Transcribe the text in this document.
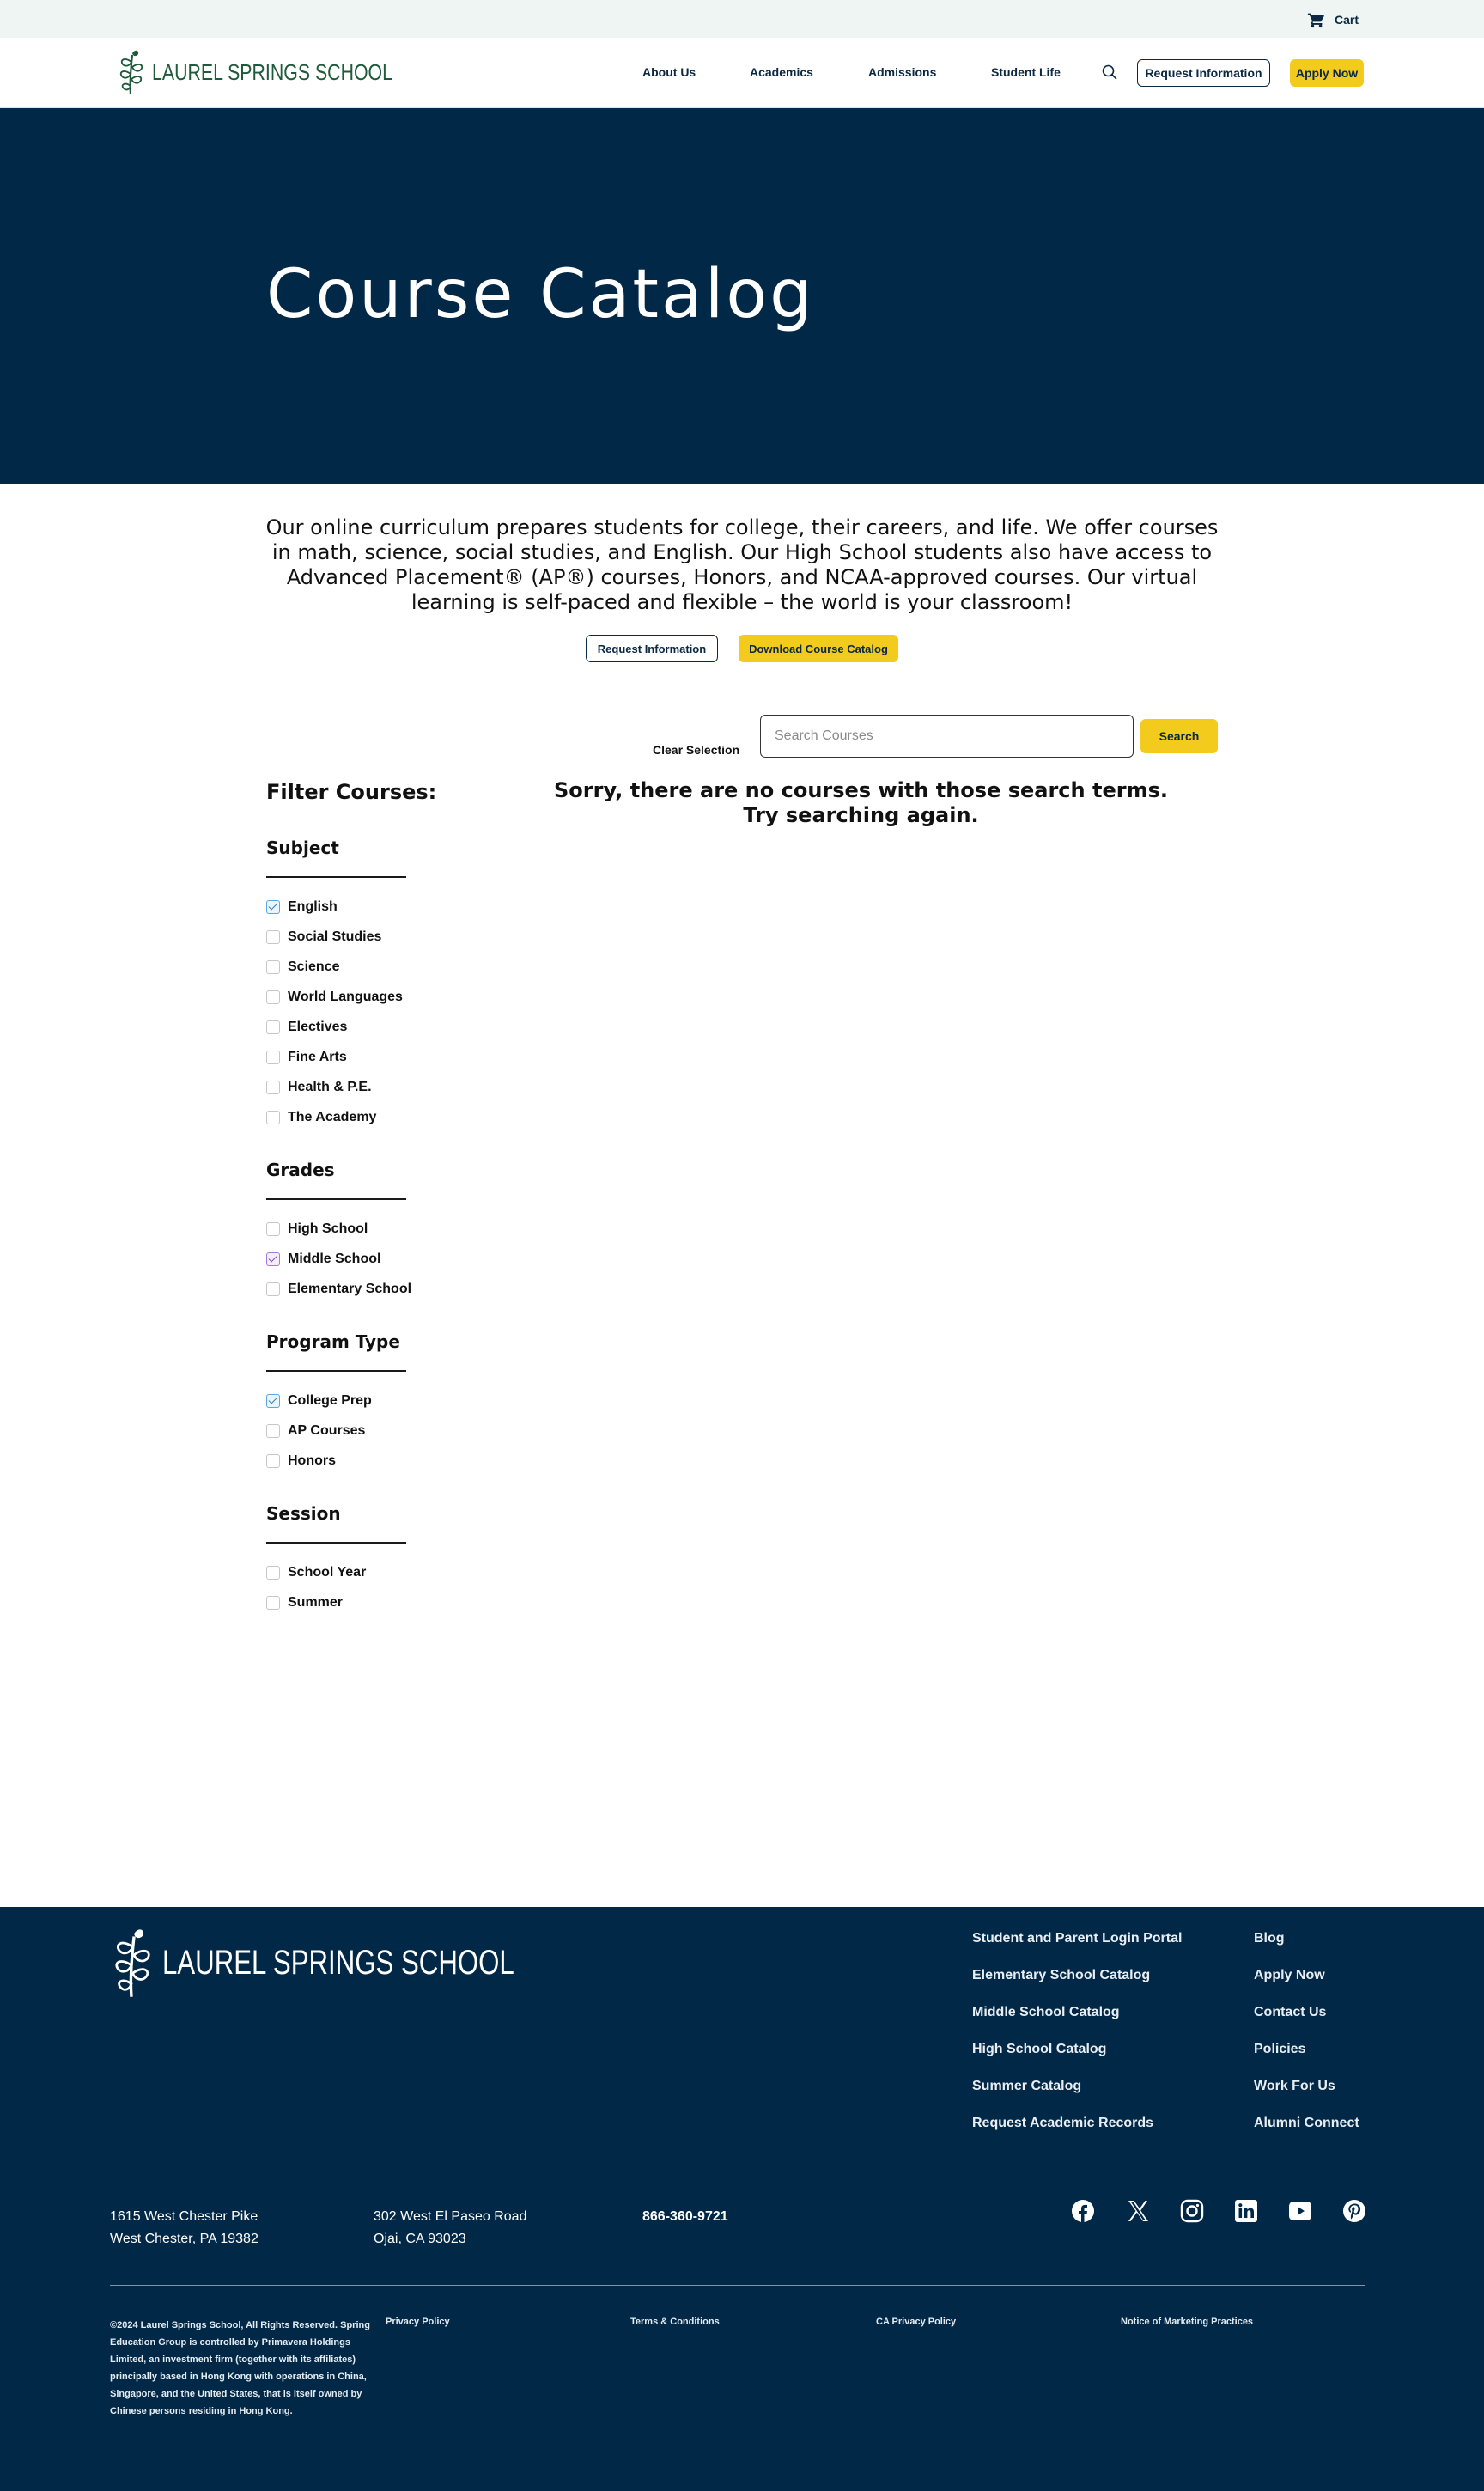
Cart
LAUREL SPRINGS SCHOOL	About Us	Academics	Admissions	Student Life	Request Information	Apply Now
Course Catalog

Our online curriculum prepares students for college, their careers, and life. We offer courses in math, science, social studies, and English. Our High School students also have access to Advanced Placement® (AP®) courses, Honors, and NCAA-approved courses. Our virtual learning is self-paced and flexible – the world is your classroom!

Request Information	Download Course Catalog
Clear Selection
Search Courses
Search
Sorry, there are no courses with those search terms.
Try searching again.
Filter Courses:
Subject
English
Social Studies
Science
World Languages
Electives
Fine Arts
Health & P.E.
The Academy
Grades
High School
Middle School
Elementary School
Program Type
College Prep
AP Courses
Honors
Session
School Year
Summer
LAUREL SPRINGS SCHOOL
Student and Parent Login Portal
Elementary School Catalog
Middle School Catalog
High School Catalog
Summer Catalog
Request Academic Records
Blog
Apply Now
Contact Us
Policies
Work For Us
Alumni Connect
1615 West Chester Pike
West Chester, PA 19382
302 West El Paseo Road
Ojai, CA 93023
866-360-9721

©2024 Laurel Springs School, All Rights Reserved. Spring Education Group is controlled by Primavera Holdings Limited, an investment firm (together with its affiliates) principally based in Hong Kong with operations in China, Singapore, and the United States, that is itself owned by Chinese persons residing in Hong Kong.

Privacy Policy	Terms & Conditions	CA Privacy Policy	Notice of Marketing Practices
